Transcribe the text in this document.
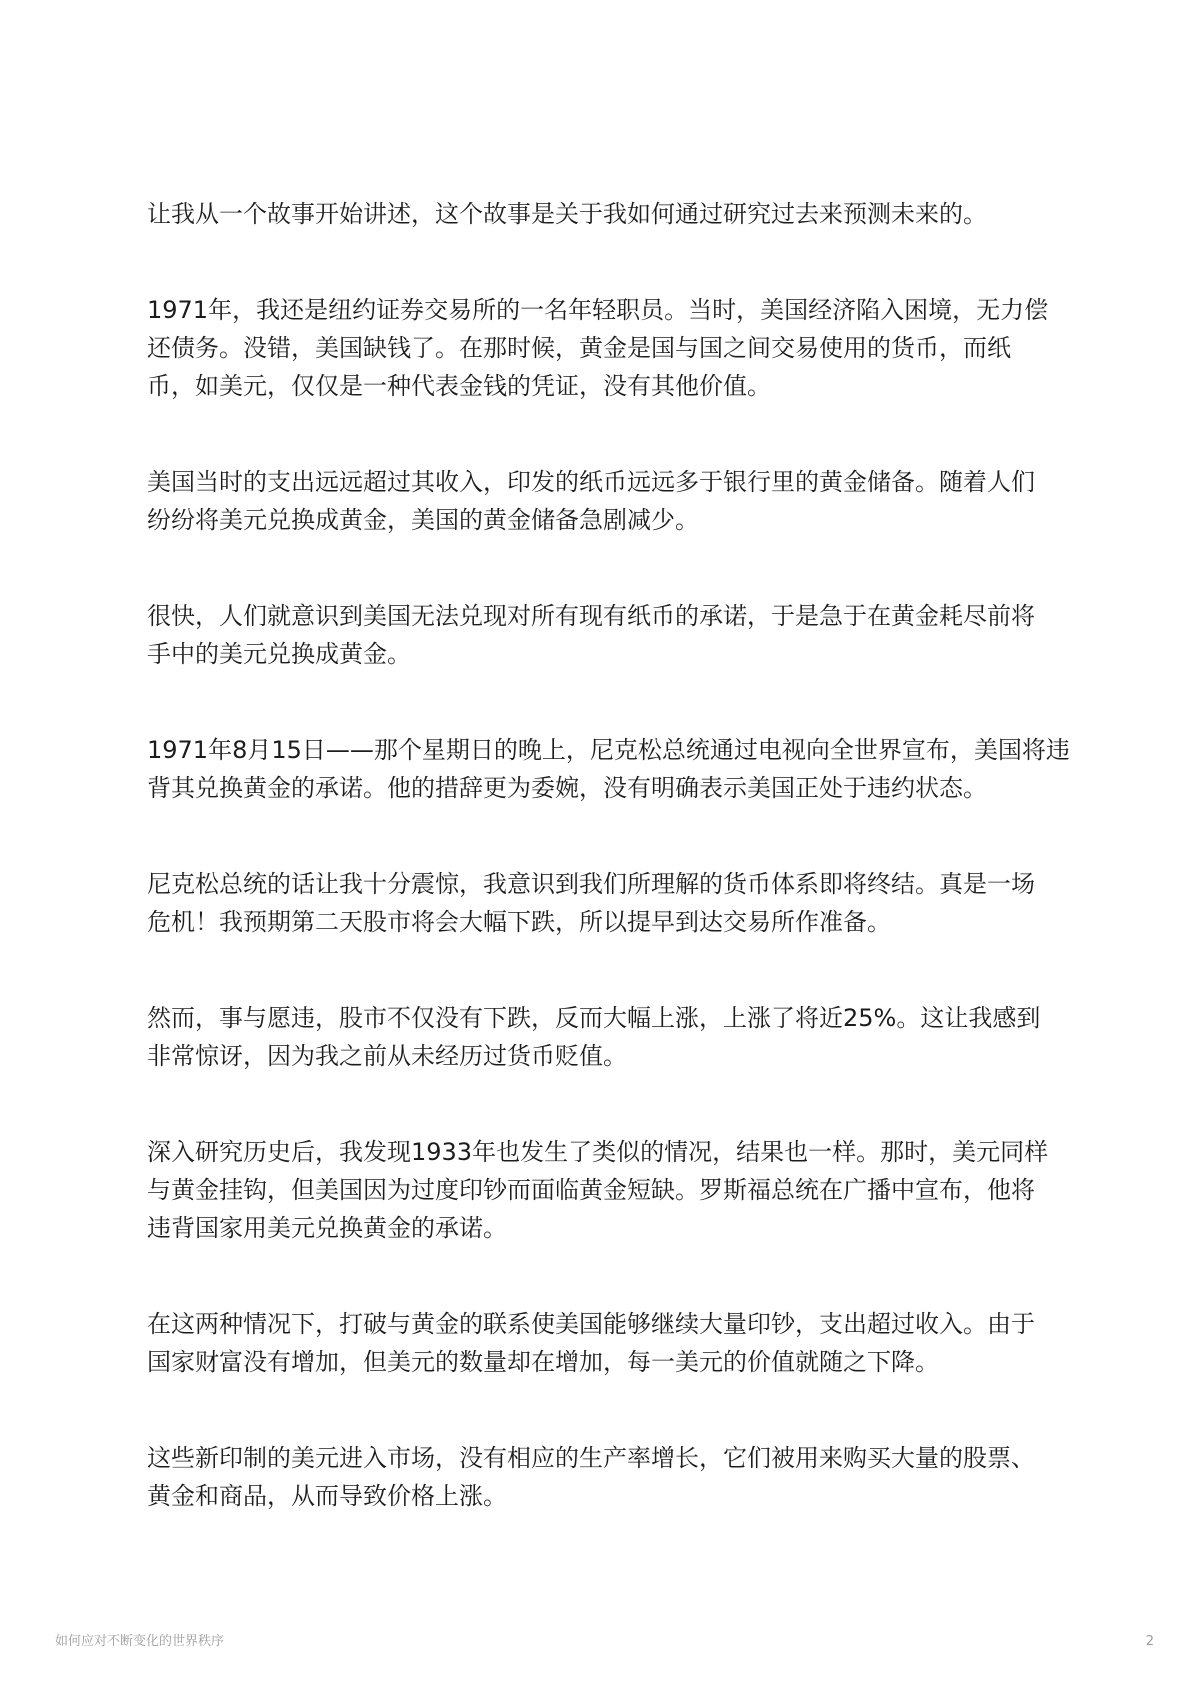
让我从一个故事开始讲述，这个故事是关于我如何通过研究过去来预测未来的。
1971年，我还是纽约证券交易所的一名年轻职员。当时，美国经济陷入困境，无力偿
还债务。没错，美国缺钱了。在那时候，黄金是国与国之间交易使用的货币，而纸
币，如美元，仅仅是一种代表金钱的凭证，没有其他价值。
美国当时的支出远远超过其收入，印发的纸币远远多于银行里的黄金储备。随着人们
纷纷将美元兑换成黄金，美国的黄金储备急剧减少。
很快，人们就意识到美国无法兑现对所有现有纸币的承诺，于是急于在黄金耗尽前将
手中的美元兑换成黄金。
1971年8月15日——那个星期日的晚上，尼克松总统通过电视向全世界宣布，美国将违
背其兑换黄金的承诺。他的措辞更为委婉，没有明确表示美国正处于违约状态。
尼克松总统的话让我十分震惊，我意识到我们所理解的货币体系即将终结。真是一场
危机！我预期第二天股市将会大幅下跌，所以提早到达交易所作准备。
然而，事与愿违，股市不仅没有下跌，反而大幅上涨，上涨了将近25%。这让我感到
非常惊讶，因为我之前从未经历过货币贬值。
深入研究历史后，我发现1933年也发生了类似的情况，结果也一样。那时，美元同样
与黄金挂钩，但美国因为过度印钞而面临黄金短缺。罗斯福总统在广播中宣布，他将
违背国家用美元兑换黄金的承诺。
在这两种情况下，打破与黄金的联系使美国能够继续大量印钞，支出超过收入。由于
国家财富没有增加，但美元的数量却在增加，每一美元的价值就随之下降。
这些新印制的美元进入市场，没有相应的生产率增长，它们被用来购买大量的股票、
黄金和商品，从而导致价格上涨。
如何应对不断变化的世界秩序	2
